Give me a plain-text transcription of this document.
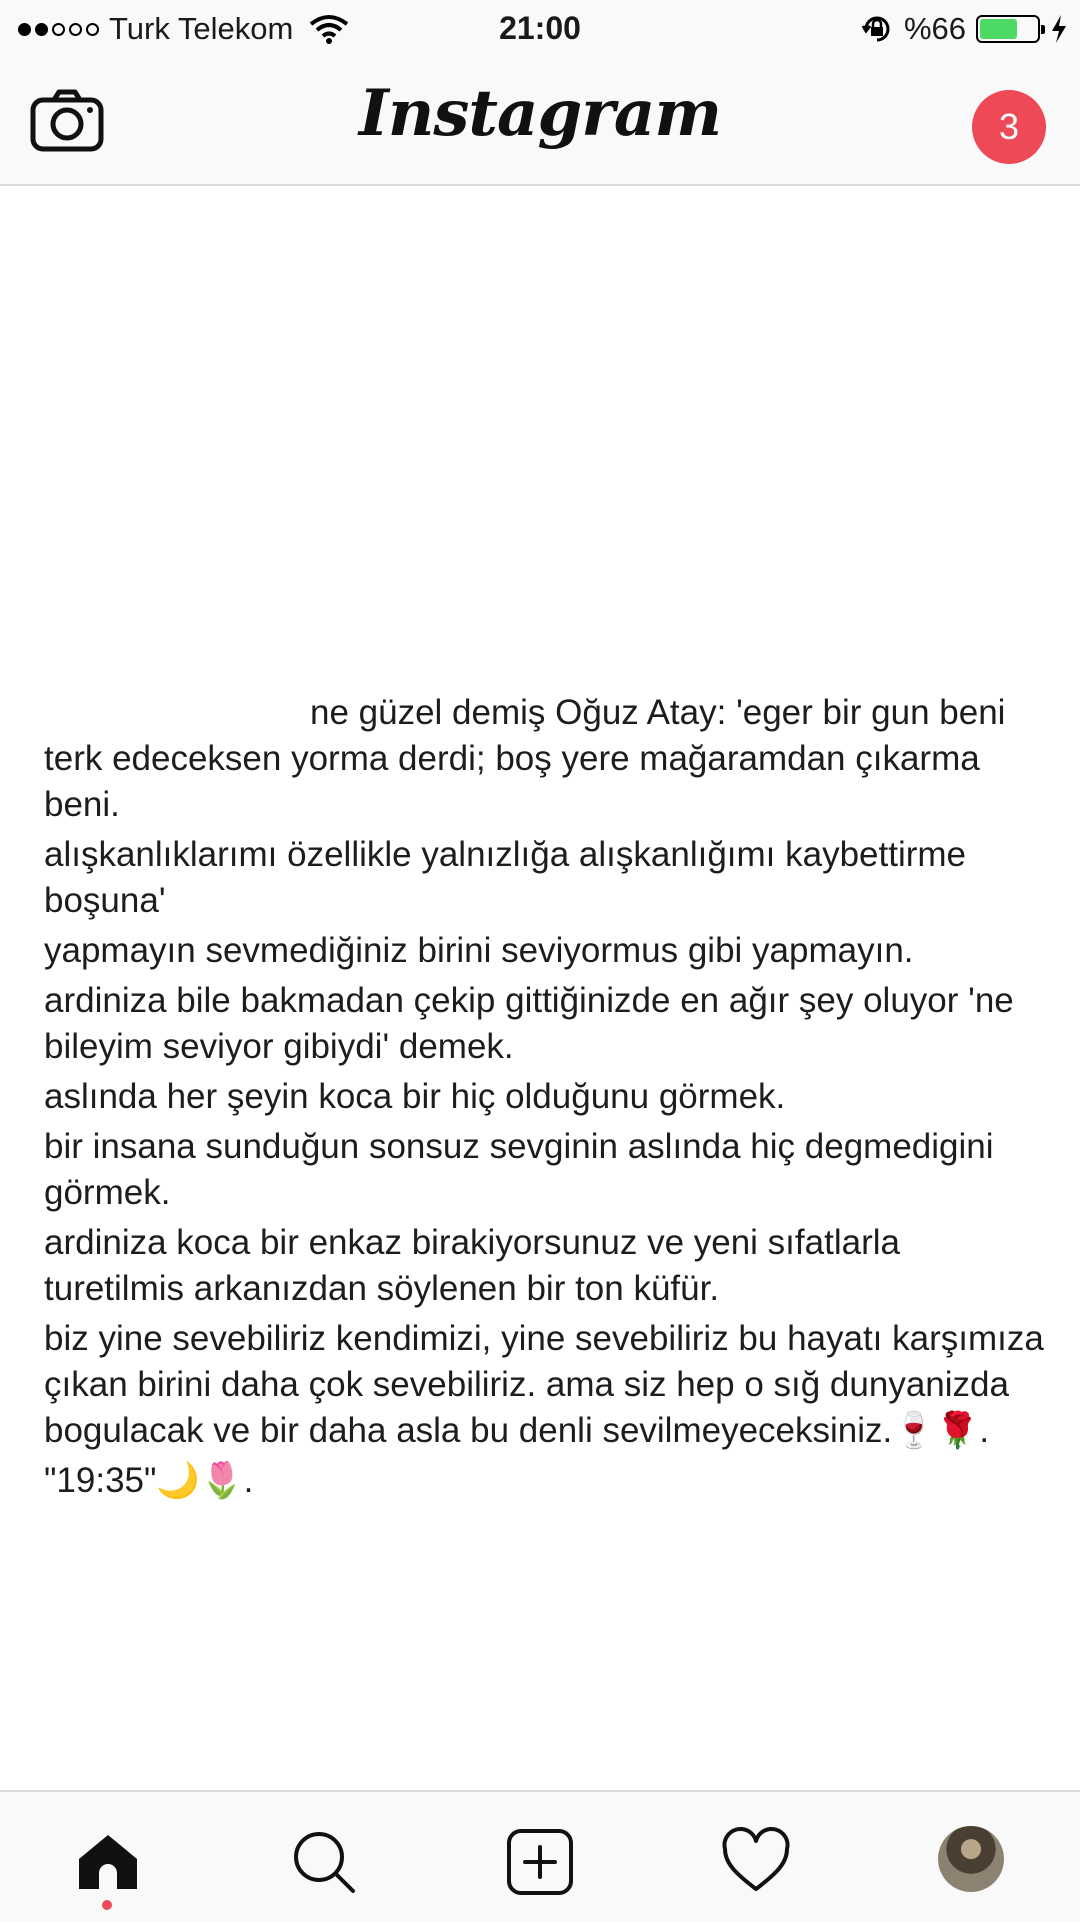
Turk Telekom	21:00	%66
Instagram	3

ne güzel demiş Oğuz Atay: 'eger bir gun beni terk edeceksen yorma derdi; boş yere mağaramdan çıkarma beni.

alışkanlıklarımı özellikle yalnızlığa alışkanlığımı kaybettirme boşuna'

yapmayın sevmediğiniz birini seviyormus gibi yapmayın.

ardiniza bile bakmadan çekip gittiğinizde en ağır şey oluyor 'ne bileyim seviyor gibiydi' demek.

aslında her şeyin koca bir hiç olduğunu görmek.

bir insana sunduğun sonsuz sevginin aslında hiç degmedigini görmek.

ardiniza koca bir enkaz birakiyorsunuz ve yeni sıfatlarla turetilmis arkanızdan söylenen bir ton küfür.

biz yine sevebiliriz kendimizi, yine sevebiliriz bu hayatı karşımıza çıkan birini daha çok sevebiliriz. ama siz hep o sığ dunyanizda bogulacak ve bir daha asla bu denli sevilmeyeceksiniz.🍷🌹.

"19:35"🌙🌷.
